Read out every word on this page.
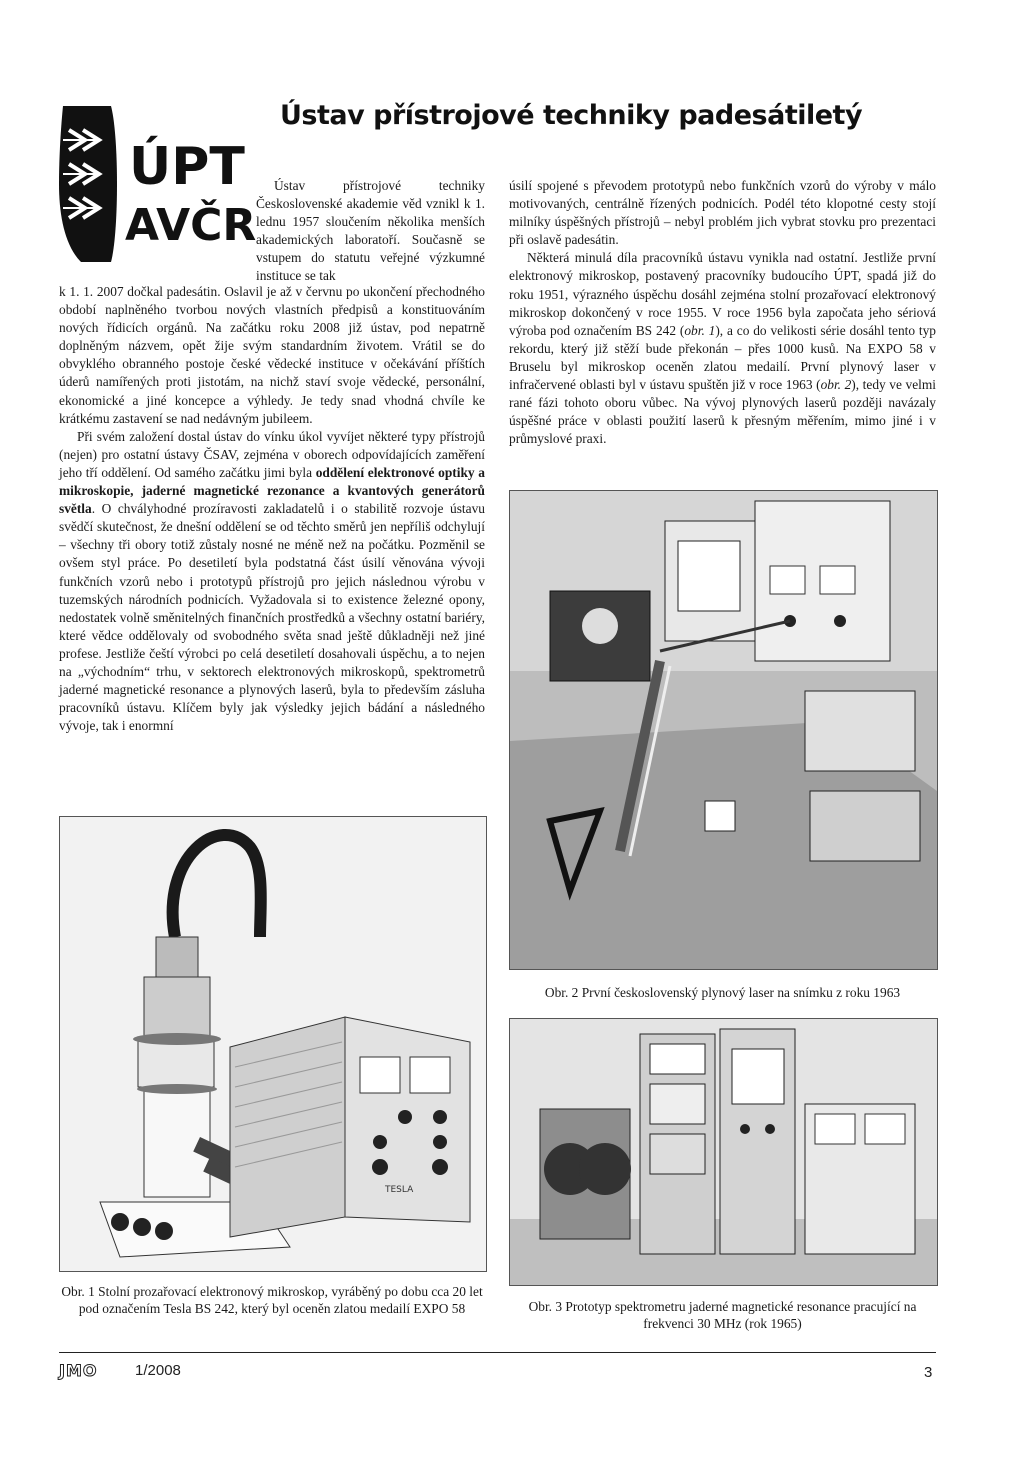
ÚPT
AVČR
Ústav přístrojové techniky padesátiletý

Ústav přístrojové techniky Československé akademie věd vznikl k 1. lednu 1957 sloučením několika menších akademických laboratoří. Současně se vstupem do statutu veřejné výzkumné instituce se tak

k 1. 1. 2007 dočkal padesátin. Oslavil je až v červnu po ukončení přechodného období naplněného tvorbou nových vlastních předpisů a konstituováním nových řídicích orgánů. Na začátku roku 2008 již ústav, pod nepatrně doplněným názvem, opět žije svým standardním životem. Vrátil se do obvyklého obranného postoje české vědecké instituce v očekávání příštích úderů namířených proti jistotám, na nichž staví svoje vědecké, personální, ekonomické a jiné koncepce a výhledy. Je tedy snad vhodná chvíle ke krátkému zastavení se nad nedávným jubileem.

Při svém založení dostal ústav do vínku úkol vyvíjet některé typy přístrojů (nejen) pro ostatní ústavy ČSAV, zejména v oborech odpovídajících zaměření jeho tří oddělení. Od samého začátku jimi byla oddělení elektronové optiky a mikroskopie, jaderné magnetické rezonance a kvantových generátorů světla. O chvályhodné prozíravosti zakladatelů i o stabilitě rozvoje ústavu svědčí skutečnost, že dnešní oddělení se od těchto směrů jen nepříliš odchylují – všechny tři obory totiž zůstaly nosné ne méně než na počátku. Pozměnil se ovšem styl práce. Po desetiletí byla podstatná část úsilí věnována vývoji funkčních vzorů nebo i prototypů přístrojů pro jejich následnou výrobu v tuzemských národních podnicích. Vyžadovala si to existence železné opony, nedostatek volně směnitelných finančních prostředků a všechny ostatní bariéry, které vědce oddělovaly od svobodného světa snad ještě důkladněji než jiné profese. Jestliže čeští výrobci po celá desetiletí dosahovali úspěchu, a to nejen na „východním“ trhu, v sektorech elektronových mikroskopů, spektrometrů jaderné magnetické resonance a plynových laserů, byla to především zásluha pracovníků ústavu. Klíčem byly jak výsledky jejich bádání a následného vývoje, tak i enormní

úsilí spojené s převodem prototypů nebo funkčních vzorů do výroby v málo motivovaných, centrálně řízených podnicích. Podél této klopotné cesty stojí milníky úspěšných přístrojů – nebyl problém jich vybrat stovku pro prezentaci při oslavě padesátin.

Některá minulá díla pracovníků ústavu vynikla nad ostatní. Jestliže první elektronový mikroskop, postavený pracovníky budoucího ÚPT, spadá již do roku 1951, výrazného úspěchu dosáhl zejména stolní prozařovací elektronový mikroskop dokončený v roce 1955. V roce 1956 byla započata jeho sériová výroba pod označením BS 242 (obr. 1), a co do velikosti série dosáhl tento typ rekordu, který již stěží bude překonán – přes 1000 kusů. Na EXPO 58 v Bruselu byl mikroskop oceněn zlatou medailí. První plynový laser v infračervené oblasti byl v ústavu spuštěn již v roce 1963 (obr. 2), tedy ve velmi rané fázi tohoto oboru vůbec. Na vývoj plynových laserů později navázaly úspěšné práce v oblasti použití laserů k přesným měřením, mimo jiné i v průmyslové praxi.

TESLA
Obr. 1 Stolní prozařovací elektronový mikroskop, vyráběný po dobu cca 20 let pod označením Tesla BS 242, který byl oceněn zlatou medailí EXPO 58
Obr. 2 První československý plynový laser na snímku z roku 1963
Obr. 3 Prototyp spektrometru jaderné magnetické resonance pracující na frekvenci 30 MHz (rok 1965)
JMO	1/2008	3
